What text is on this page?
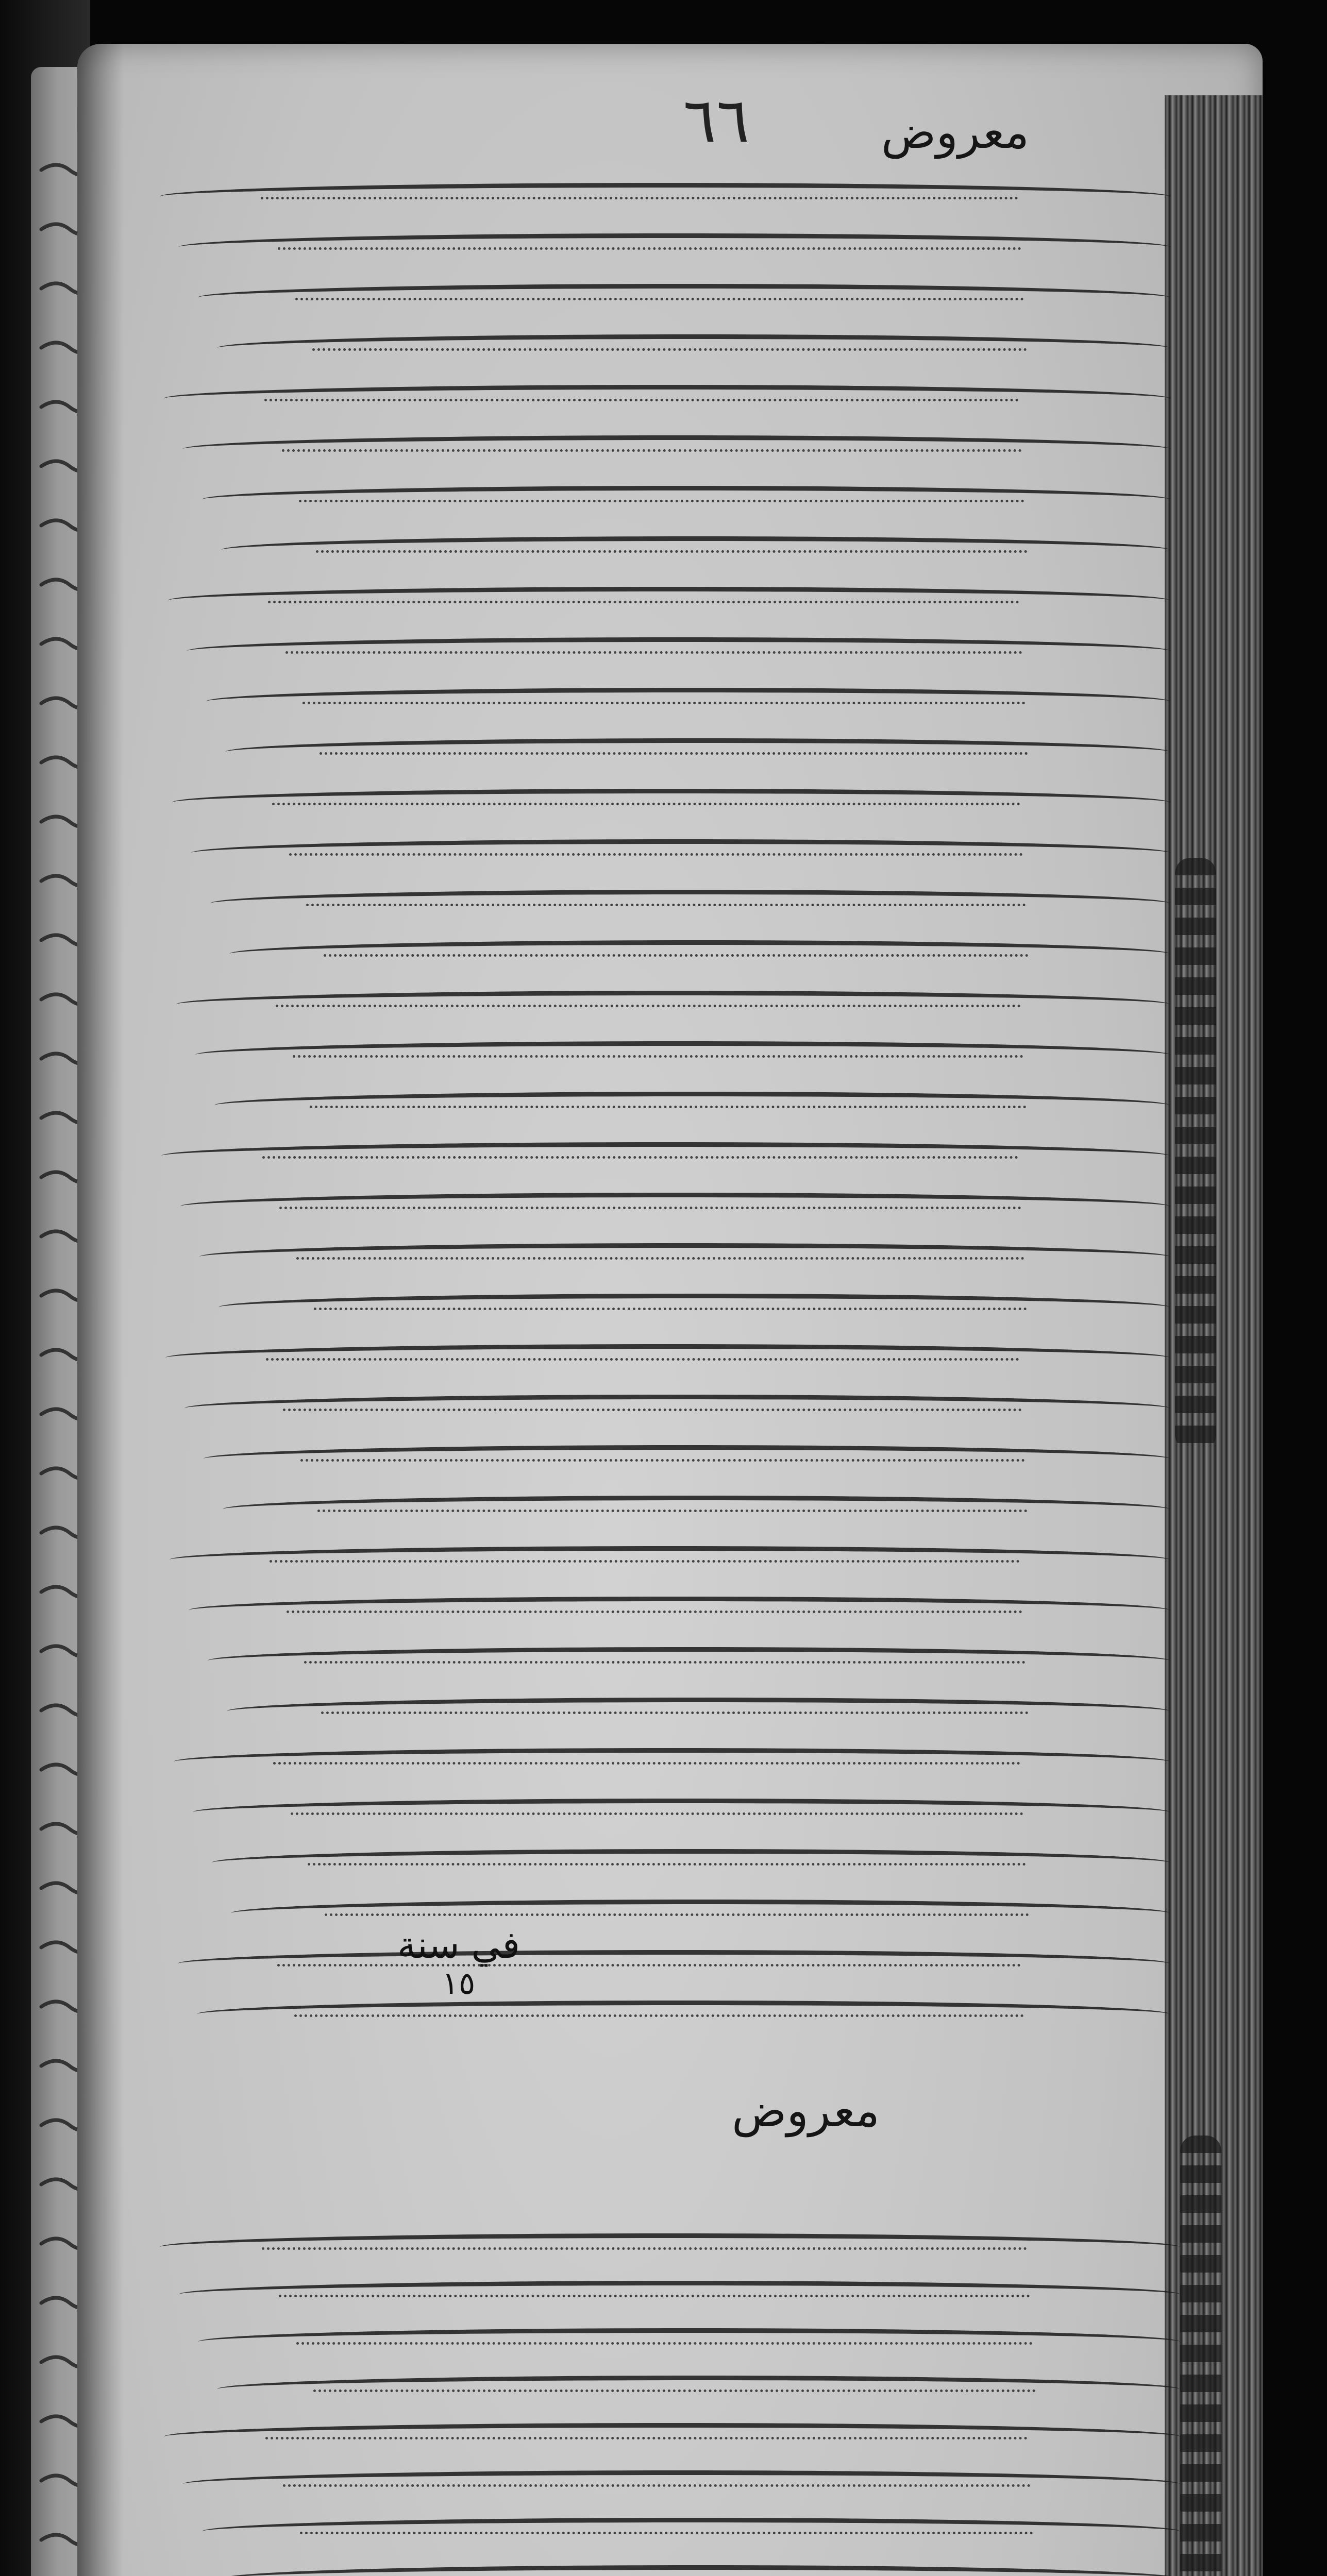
٦٦	معروض
في سنة
١٥
معروض
